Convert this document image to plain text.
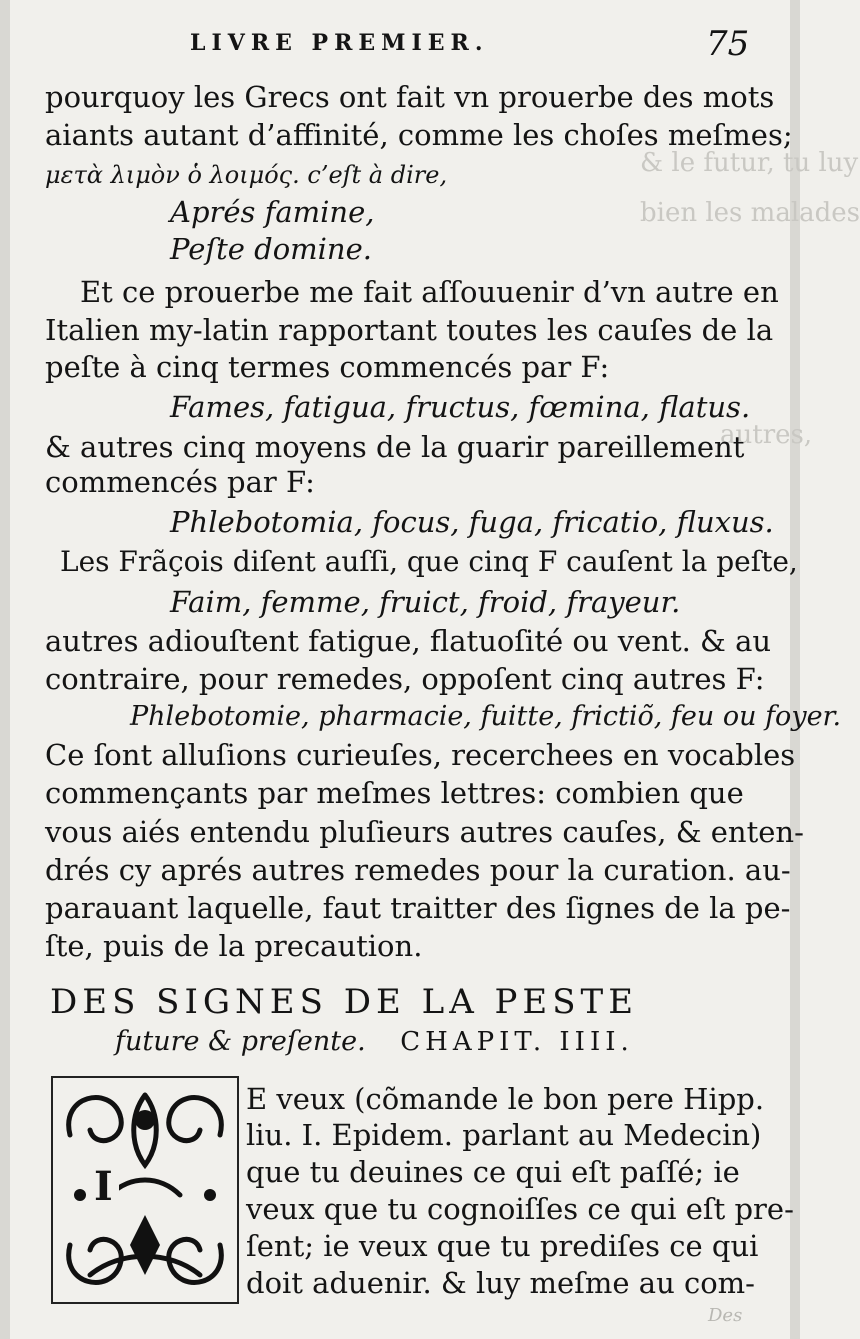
& le futur, tu luy
bien les malades
autres,
LIVRE PREMIER.	75
pourquoy les Grecs ont fait vn prouerbe des mots
aiants autant d’affinité, comme les choſes meſmes;
μετὰ λιμὸν ὁ λοιμός. c’eſt à dire,
Aprés famine,
Peſte domine.
Et ce prouerbe me fait aſſouuenir d’vn autre en
Italien my-latin rapportant toutes les cauſes de la
peſte à cinq termes commencés par F:
Fames, fatigua, fructus, fœmina, flatus.
& autres cinq moyens de la guarir pareillement
commencés par F:
Phlebotomia, focus, fuga, fricatio, fluxus.
Les Frãçois diſent auſſi, que cinq F cauſent la peſte,
Faim, femme, fruict, froid, frayeur.
autres adiouſtent fatigue, flatuoſité ou vent. & au
contraire, pour remedes, oppoſent cinq autres F:
Phlebotomie, pharmacie, fuitte, frictiõ, feu ou foyer.
Ce ſont alluſions curieuſes, recerchees en vocables
commençants par meſmes lettres: combien que
vous aiés entendu pluſieurs autres cauſes, & enten-
drés cy aprés autres remedes pour la curation. au-
parauant laquelle, faut traitter des ſignes de la pe-
ſte, puis de la precaution.
DES SIGNES DE LA PESTE
future & preſente. CHAPIT. IIII.
I
E veux (cõmande le bon pere Hipp.
liu. I. Epidem. parlant au Medecin)
que tu deuines ce qui eſt paſſé; ie
veux que tu cognoiſſes ce qui eſt pre-
ſent; ie veux que tu prediſes ce qui
doit aduenir. & luy meſme au com-
Des
